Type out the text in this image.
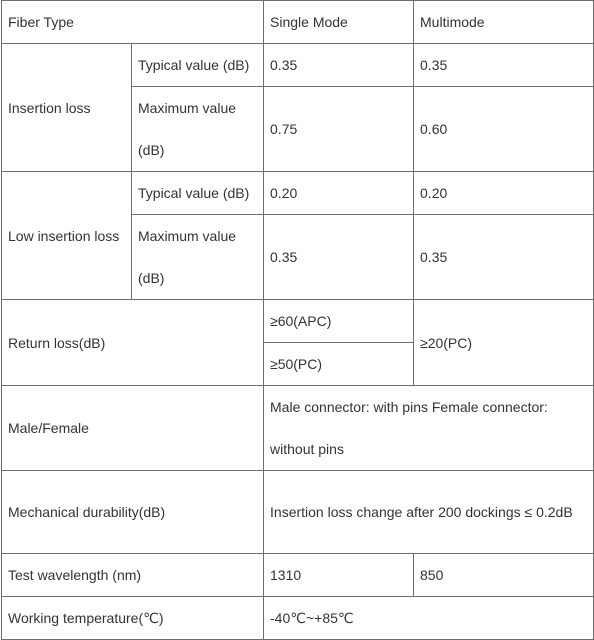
Fiber Type		Single Mode	Multimode
Insertion loss	Typical value (dB)	0.35	0.35
	Maximum value (dB)	0.75	0.60
Low insertion loss	Typical value (dB)	0.20	0.20
	Maximum value (dB)	0.35	0.35
Return loss(dB)		≥60(APC)	≥20(PC)
		≥50(PC)	
Male/Female		Male connector: with pins Female connector: without pins	
Mechanical durability(dB)		Insertion loss change after 200 dockings ≤ 0.2dB	
Test wavelength (nm)		1310	850
Working temperature(℃)		-40℃~+85℃	
